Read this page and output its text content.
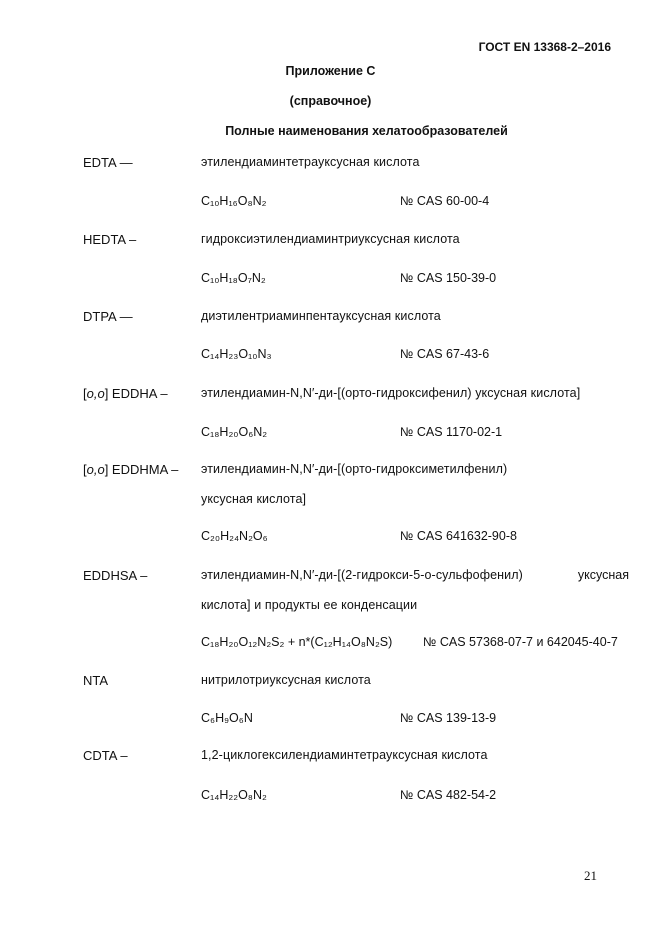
ГОСТ EN 13368-2–2016
Приложение С
(справочное)
Полные наименования хелатообразователей
EDTA —	этилендиаминтетрауксусная кислота
C₁₀H₁₆O₈N₂	№ CAS 60-00-4
HEDTA –	гидроксиэтилендиаминтриуксусная кислота
C₁₀H₁₈O₇N₂	№ CAS 150-39-0
DTPA —	диэтилентриаминпентауксусная кислота
C₁₄H₂₃O₁₀N₃	№ CAS 67-43-6
[o,o] EDDHA –	этилендиамин-N,N′-ди-[(орто-гидроксифенил) уксусная кислота]
C₁₈H₂₀O₆N₂	№ CAS 1170-02-1
[o,o] EDDHMA – этилендиамин-N,N′-ди-[(орто-гидроксиметилфенил)
уксусная кислота]
C₂₀H₂₄N₂O₆	№ CAS 641632-90-8
EDDHSA –	этилендиамин-N,N′-ди-[(2-гидрокси-5-о-сульфофенил)	уксусная
кислота] и продукты ее конденсации
C₁₈H₂₀O₁₂N₂S₂ + n*(C₁₂H₁₄O₈N₂S) № CAS 57368-07-7 и 642045-40-7
NTA	нитрилотриуксусная кислота
C₆H₉O₆N	№ CAS 139-13-9
CDTA –	1,2-циклогексилендиаминтетрауксусная кислота
C₁₄H₂₂O₈N₂	№ CAS 482-54-2
21
